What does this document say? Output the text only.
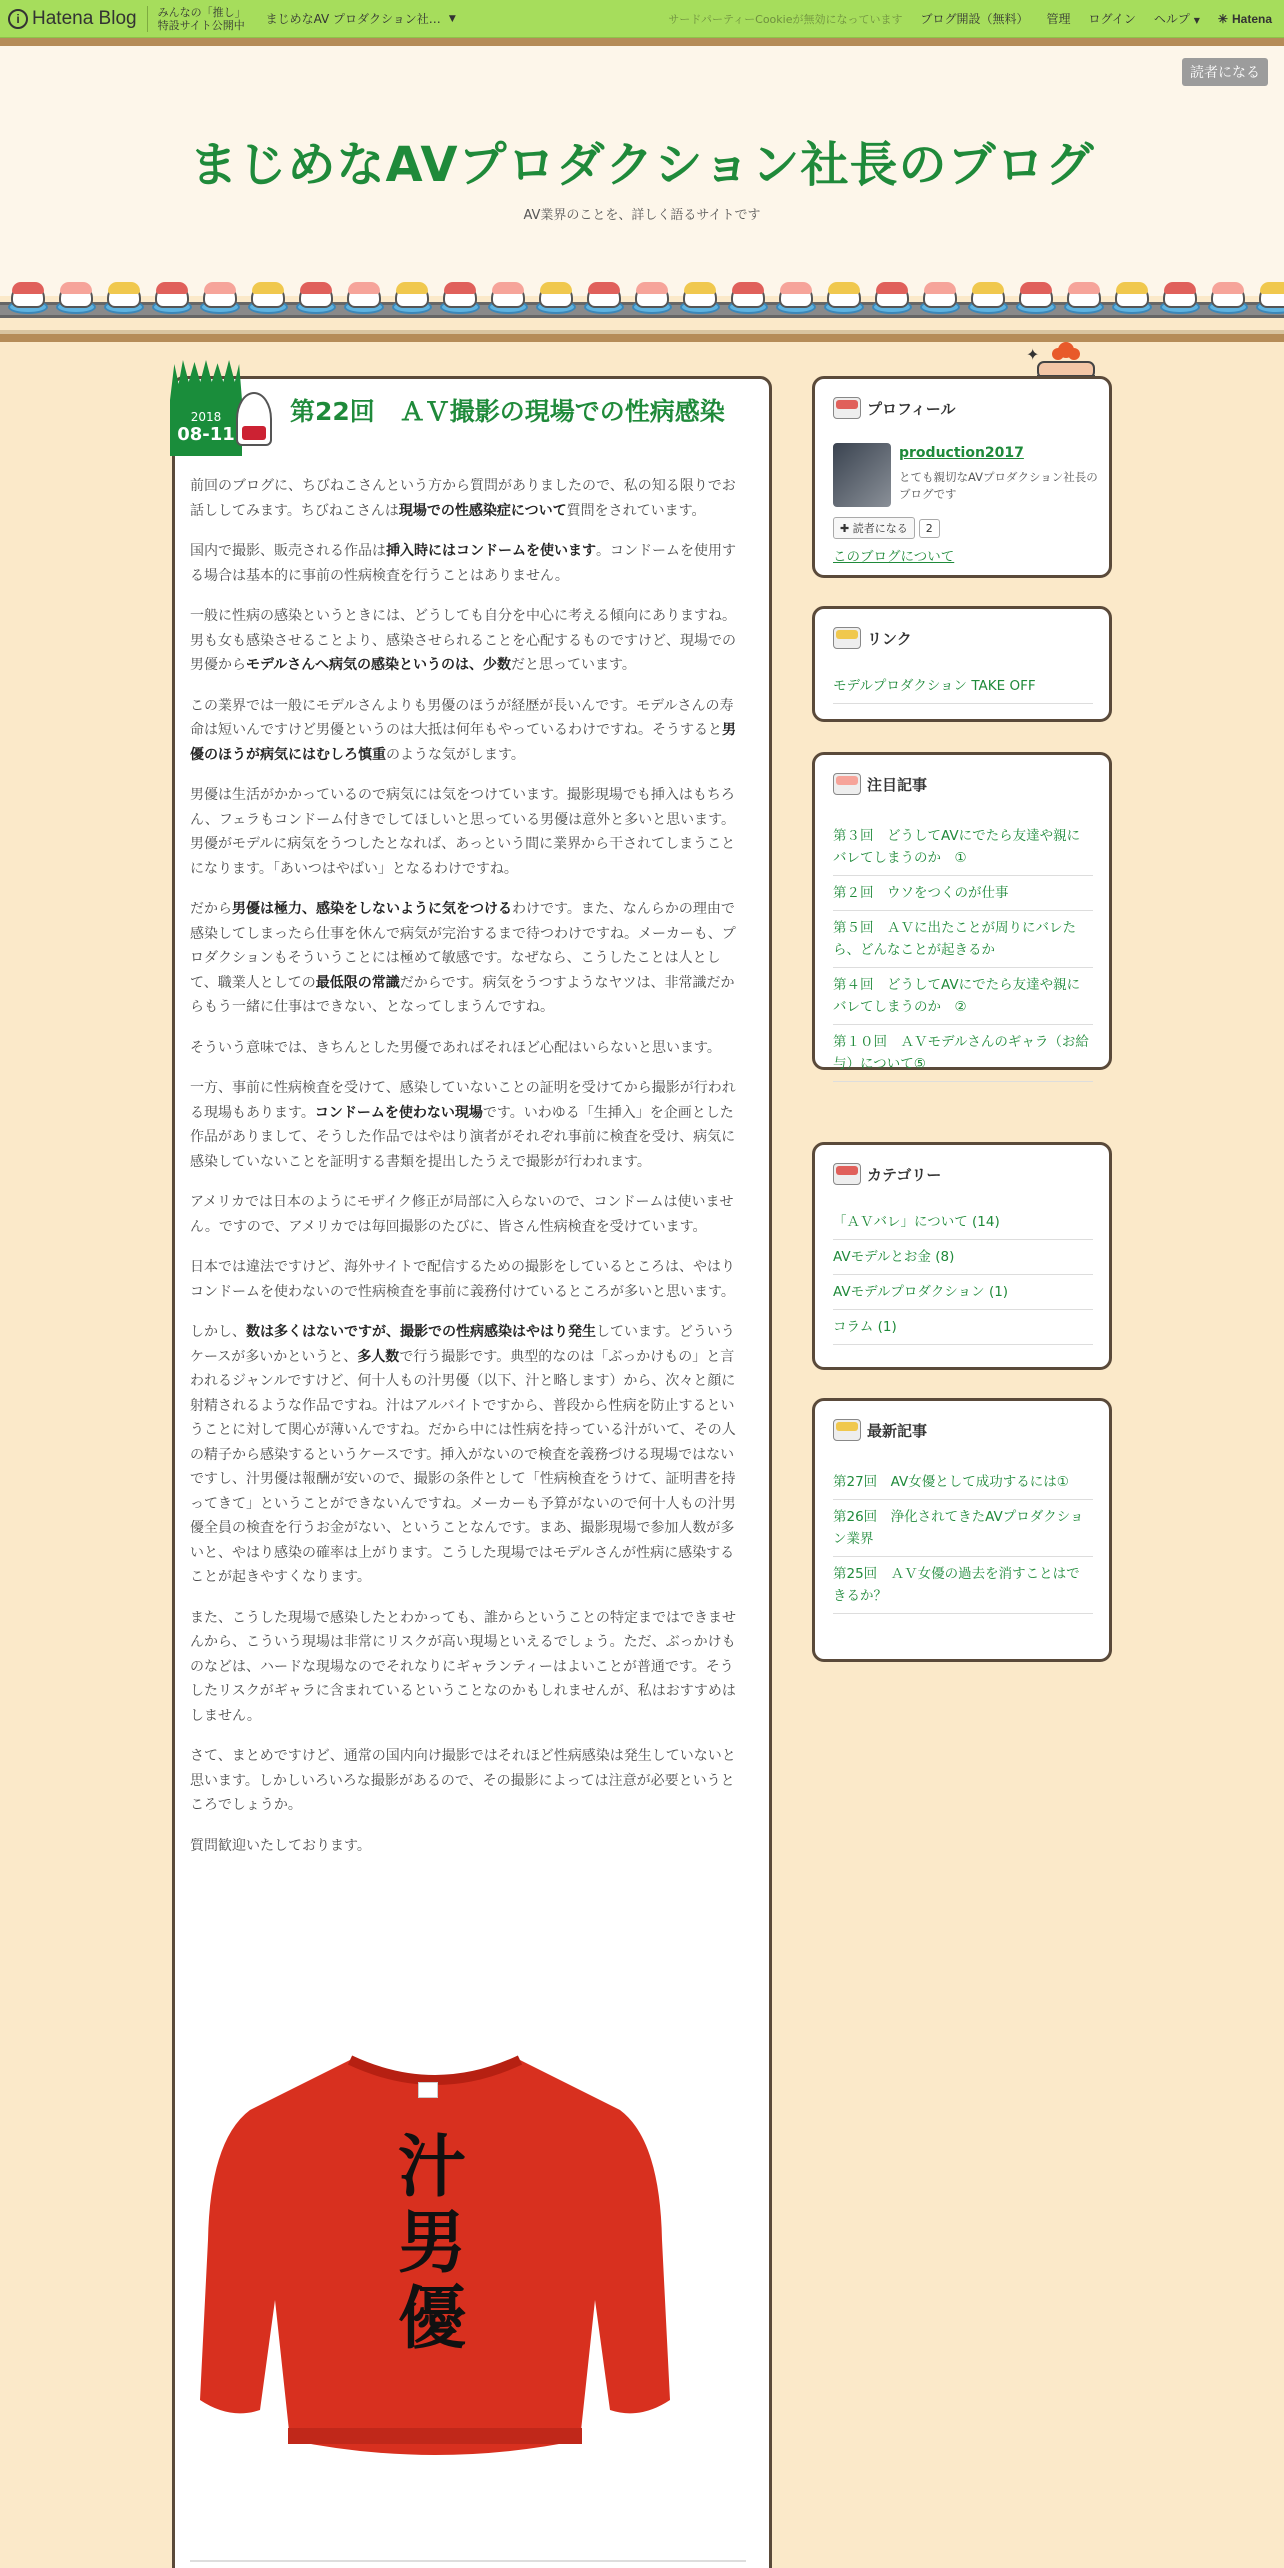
i Hatena Blog みんなの「推し」
特設サイト公開中 まじめなAV プロダクション社… ▼	サードパーティーCookieが無効になっています ブログ開設（無料） 管理 ログイン ヘルプ ▼ ✳ Hatena
読者になる
まじめなAVプロダクション社長のブログ
AV業界のことを、詳しく語るサイトです
2018
08-11
第22回　ＡＶ撮影の現場での性病感染

前回のブログに、ちびねこさんという方から質問がありましたので、私の知る限りでお話ししてみます。ちびねこさんは現場での性感染症について質問をされています。

国内で撮影、販売される作品は挿入時にはコンドームを使います。コンドームを使用する場合は基本的に事前の性病検査を行うことはありません。

一般に性病の感染というときには、どうしても自分を中心に考える傾向にありますね。男も女も感染させることより、感染させられることを心配するものですけど、現場での男優からモデルさんへ病気の感染というのは、少数だと思っています。

この業界では一般にモデルさんよりも男優のほうが経歴が長いんです。モデルさんの寿命は短いんですけど男優というのは大抵は何年もやっているわけですね。そうすると男優のほうが病気にはむしろ慎重のような気がします。

男優は生活がかかっているので病気には気をつけています。撮影現場でも挿入はもちろん、フェラもコンドーム付きでしてほしいと思っている男優は意外と多いと思います。男優がモデルに病気をうつしたとなれば、あっという間に業界から干されてしまうことになります。「あいつはやばい」となるわけですね。

だから男優は極力、感染をしないように気をつけるわけです。また、なんらかの理由で感染してしまったら仕事を休んで病気が完治するまで待つわけですね。メーカーも、プロダクションもそういうことには極めて敏感です。なぜなら、こうしたことは人として、職業人としての最低限の常識だからです。病気をうつすようなヤツは、非常識だからもう一緒に仕事はできない、となってしまうんですね。

そういう意味では、きちんとした男優であればそれほど心配はいらないと思います。

一方、事前に性病検査を受けて、感染していないことの証明を受けてから撮影が行われる現場もあります。コンドームを使わない現場です。いわゆる「生挿入」を企画とした作品がありまして、そうした作品ではやはり演者がそれぞれ事前に検査を受け、病気に感染していないことを証明する書類を提出したうえで撮影が行われます。

アメリカでは日本のようにモザイク修正が局部に入らないので、コンドームは使いません。ですので、アメリカでは毎回撮影のたびに、皆さん性病検査を受けています。

日本では違法ですけど、海外サイトで配信するための撮影をしているところは、やはりコンドームを使わないので性病検査を事前に義務付けているところが多いと思います。

しかし、数は多くはないですが、撮影での性病感染はやはり発生しています。どういうケースが多いかというと、多人数で行う撮影です。典型的なのは「ぶっかけもの」と言われるジャンルですけど、何十人もの汁男優（以下、汁と略します）から、次々と顔に射精されるような作品ですね。汁はアルバイトですから、普段から性病を防止するということに対して関心が薄いんですね。だから中には性病を持っている汁がいて、その人の精子から感染するというケースです。挿入がないので検査を義務づける現場ではないですし、汁男優は報酬が安いので、撮影の条件として「性病検査をうけて、証明書を持ってきて」ということができないんですね。メーカーも予算がないので何十人もの汁男優全員の検査を行うお金がない、ということなんです。まあ、撮影現場で参加人数が多いと、やはり感染の確率は上がります。こうした現場ではモデルさんが性病に感染することが起きやすくなります。

また、こうした現場で感染したとわかっても、誰からということの特定まではできませんから、こういう現場は非常にリスクが高い現場といえるでしょう。ただ、ぶっかけものなどは、ハードな現場なのでそれなりにギャランティーはよいことが普通です。そうしたリスクがギャラに含まれているということなのかもしれませんが、私はおすすめはしません。

さて、まとめですけど、通常の国内向け撮影ではそれほど性病感染は発生していないと思います。しかしいろいろな撮影があるので、その撮影によっては注意が必要というところでしょうか。

質問歓迎いたしております。

汁男優
✦
プロフィール
production2017
とても親切なAVプロダクション社長のブログです
✚ 読者になる	2
このブログについて
リンク
モデルプロダクション TAKE OFF
注目記事
第３回　どうしてAVにでたら友達や親にバレてしまうのか　①
第２回　ウソをつくのが仕事
第５回　ＡＶに出たことが周りにバレたら、どんなことが起きるか
第４回　どうしてAVにでたら友達や親にバレてしまうのか　②
第１０回　ＡＶモデルさんのギャラ（お給与）について⑤
カテゴリー
「ＡＶバレ」について (14)
AVモデルとお金 (8)
AVモデルプロダクション (1)
コラム (1)
最新記事
第27回　AV女優として成功するには①
第26回　浄化されてきたAVプロダクション業界
第25回　ＡＶ女優の過去を消すことはできるか？
